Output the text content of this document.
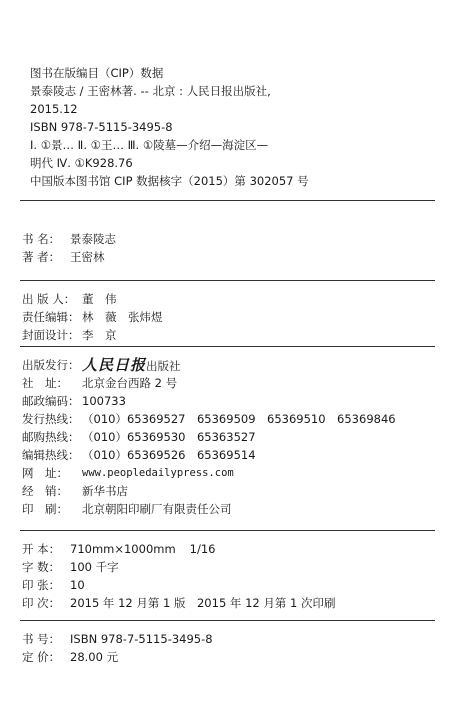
图书在版编目（CIP）数据
景泰陵志 / 王密林著. -- 北京 : 人民日报出版社,
2015.12
ISBN 978-7-5115-3495-8
Ⅰ. ①景… Ⅱ. ①王… Ⅲ. ①陵墓—介绍—海淀区—
明代 Ⅳ. ①K928.76
中国版本图书馆 CIP 数据核字（2015）第 302057 号
书 名： 景泰陵志
著 者： 王密林
出 版 人： 董　伟
责任编辑： 林　薇　张炜煜
封面设计： 李　京
出版发行： 人民日报出版社
社　址：	北京金台西路 2 号
邮政编码： 100733
发行热线： （010）65369527　65369509　65369510　65369846
邮购热线： （010）65369530　65363527
编辑热线： （010）65369526　65369514
网　址：	www.peopledailypress.com
经　销：	新华书店
印　刷：	北京朝阳印刷厂有限责任公司
开 本： 710mm×1000mm 1/16
字 数： 100 千字
印 张： 10
印 次： 2015 年 12 月第 1 版　2015 年 12 月第 1 次印刷
书 号： ISBN 978-7-5115-3495-8
定 价： 28.00 元
